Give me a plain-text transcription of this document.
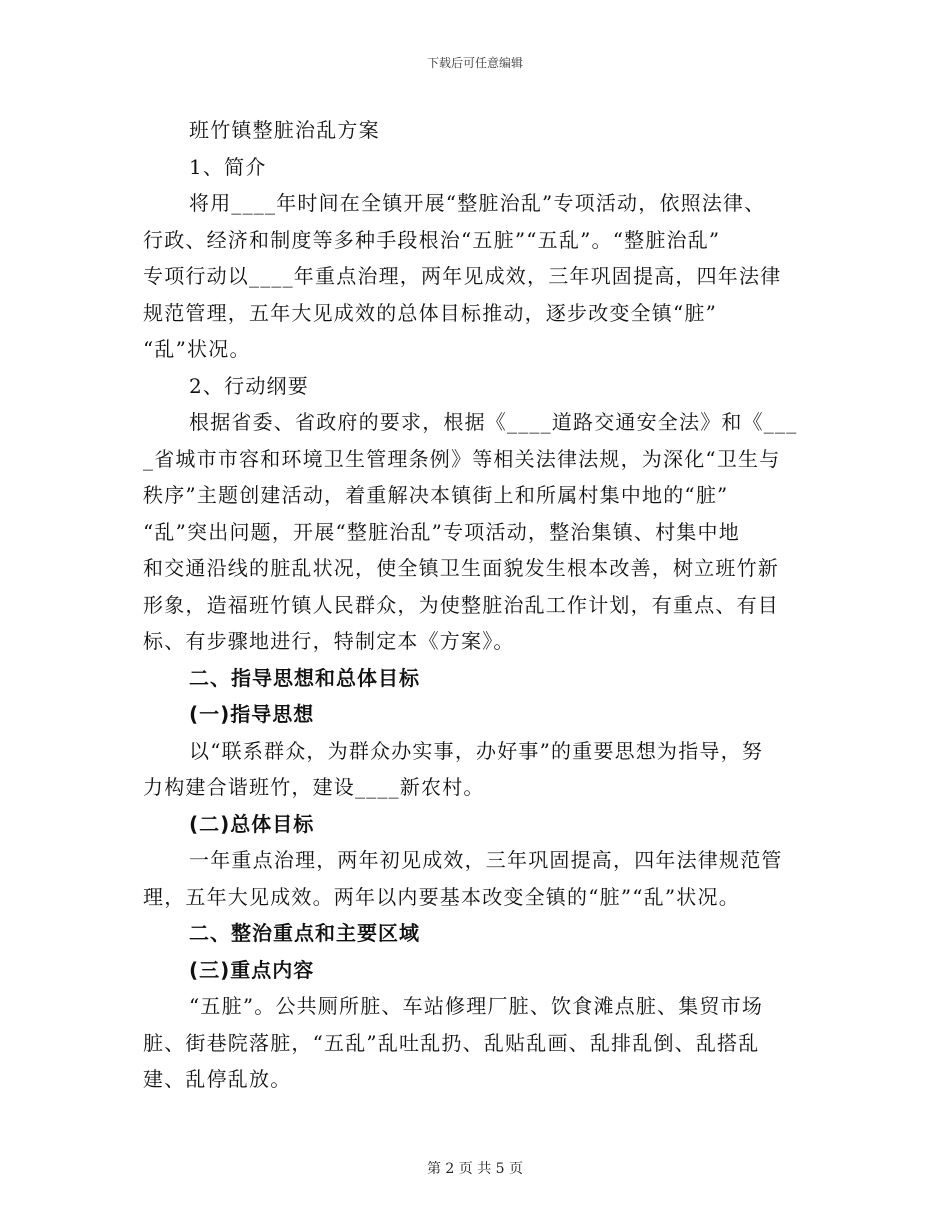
下载后可任意编辑
班竹镇整脏治乱方案
1、简介
将用____年时间在全镇开展“整脏治乱”专项活动，依照法律、
行政、经济和制度等多种手段根治“五脏”“五乱”。“整脏治乱”
专项行动以____年重点治理，两年见成效，三年巩固提高，四年法律
规范管理，五年大见成效的总体目标推动，逐步改变全镇“脏”
“乱”状况。
2、行动纲要
根据省委、省政府的要求，根据《____道路交通安全法》和《___
_省城市市容和环境卫生管理条例》等相关法律法规，为深化“卫生与
秩序”主题创建活动，着重解决本镇街上和所属村集中地的“脏”
“乱”突出问题，开展“整脏治乱”专项活动，整治集镇、村集中地
和交通沿线的脏乱状况，使全镇卫生面貌发生根本改善，树立班竹新
形象，造福班竹镇人民群众，为使整脏治乱工作计划，有重点、有目
标、有步骤地进行，特制定本《方案》。
二、指导思想和总体目标
(一)指导思想
以“联系群众，为群众办实事，办好事”的重要思想为指导，努
力构建合谐班竹，建设____新农村。
(二)总体目标
一年重点治理，两年初见成效，三年巩固提高，四年法律规范管
理，五年大见成效。两年以内要基本改变全镇的“脏”“乱”状况。
二、整治重点和主要区域
(三)重点内容
“五脏”。公共厕所脏、车站修理厂脏、饮食滩点脏、集贸市场
脏、街巷院落脏，“五乱”乱吐乱扔、乱贴乱画、乱排乱倒、乱搭乱
建、乱停乱放。
第 2 页 共 5 页
